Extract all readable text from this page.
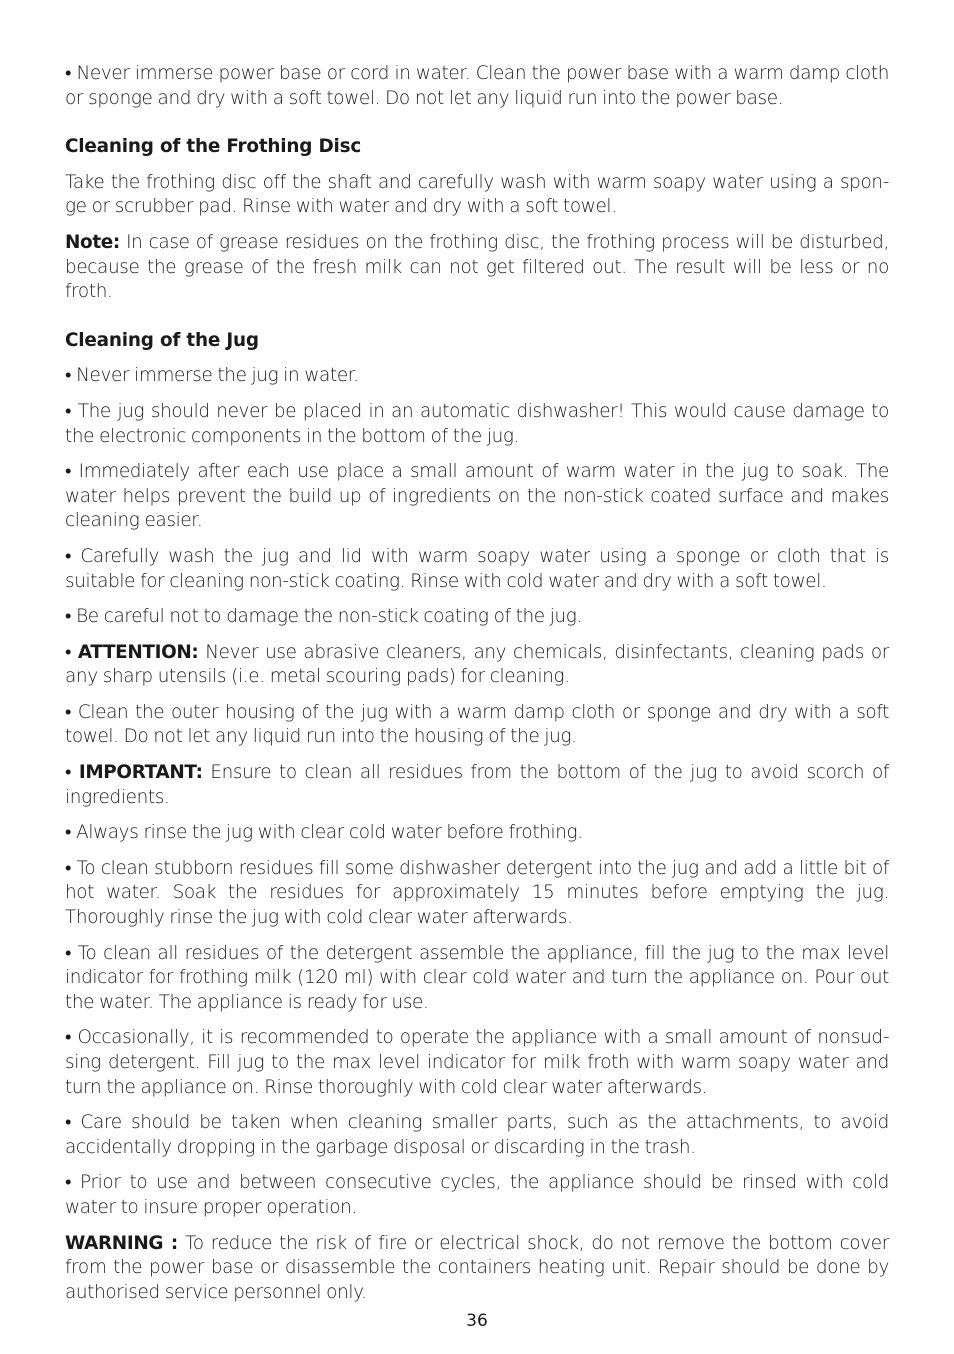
• Never immerse power base or cord in water. Clean the power base with a warm damp cloth or sponge and dry with a soft towel. Do not let any liquid run into the power base.

Cleaning of the Frothing Disc

Take the frothing disc off the shaft and carefully wash with warm soapy water using a spon-ge or scrubber pad. Rinse with water and dry with a soft towel.

Note: In case of grease residues on the frothing disc, the frothing process will be disturbed, because the grease of the fresh milk can not get filtered out. The result will be less or no froth.

Cleaning of the Jug

• Never immerse the jug in water.

• The jug should never be placed in an automatic dishwasher! This would cause damage to the electronic components in the bottom of the jug.

• Immediately after each use place a small amount of warm water in the jug to soak. The water helps prevent the build up of ingredients on the non-stick coated surface and makes cleaning easier.

• Carefully wash the jug and lid with warm soapy water using a sponge or cloth that is suitable for cleaning non-stick coating. Rinse with cold water and dry with a soft towel.

• Be careful not to damage the non-stick coating of the jug.

• ATTENTION: Never use abrasive cleaners, any chemicals, disinfectants, cleaning pads or any sharp utensils (i.e. metal scouring pads) for cleaning.

• Clean the outer housing of the jug with a warm damp cloth or sponge and dry with a soft towel. Do not let any liquid run into the housing of the jug.

• IMPORTANT: Ensure to clean all residues from the bottom of the jug to avoid scorch of ingredients.

• Always rinse the jug with clear cold water before frothing.

• To clean stubborn residues fill some dishwasher detergent into the jug and add a little bit of hot water. Soak the residues for approximately 15 minutes before emptying the jug. Thoroughly rinse the jug with cold clear water afterwards.

• To clean all residues of the detergent assemble the appliance, fill the jug to the max level indicator for frothing milk (120 ml) with clear cold water and turn the appliance on. Pour out the water. The appliance is ready for use.

• Occasionally, it is recommended to operate the appliance with a small amount of nonsud-sing detergent. Fill jug to the max level indicator for milk froth with warm soapy water and turn the appliance on. Rinse thoroughly with cold clear water afterwards.

• Care should be taken when cleaning smaller parts, such as the attachments, to avoid accidentally dropping in the garbage disposal or discarding in the trash.

• Prior to use and between consecutive cycles, the appliance should be rinsed with cold water to insure proper operation.

WARNING : To reduce the risk of fire or electrical shock, do not remove the bottom cover from the power base or disassemble the containers heating unit. Repair should be done by authorised service personnel only.

36
